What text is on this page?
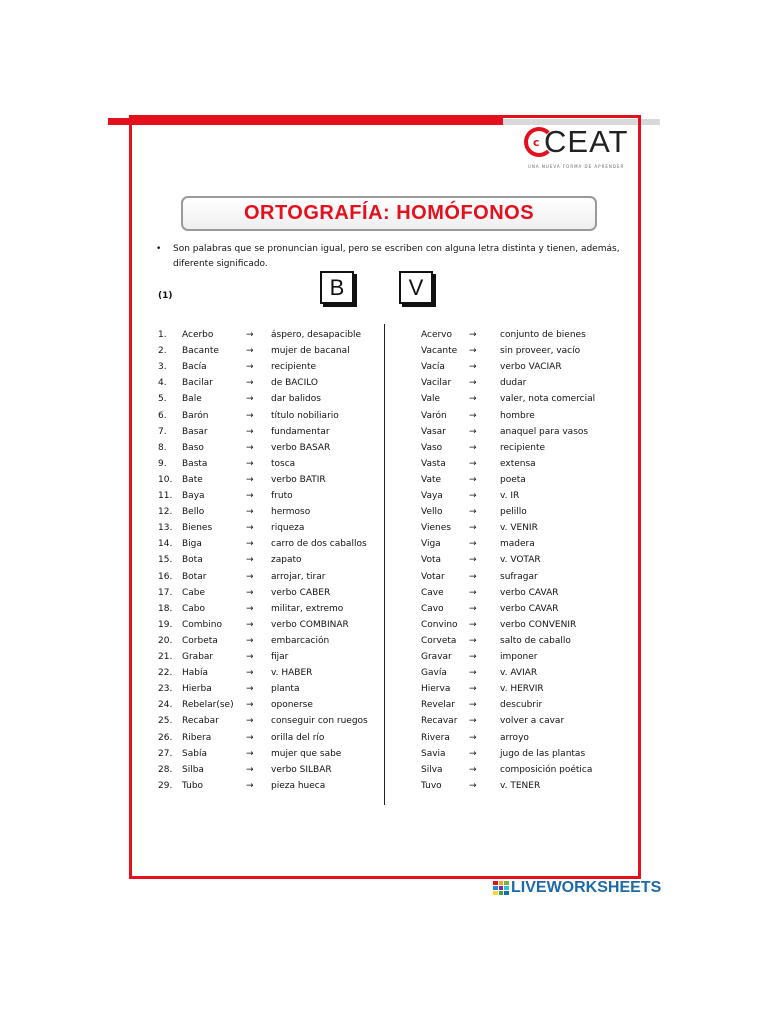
c CEAT
UNA NUEVA FORMA DE APRENDER
ORTOGRAFÍA: HOMÓFONOS
• Son palabras que se pronuncian igual, pero se escriben con alguna letra distinta y tienen, además, diferente significado.
B	V
(1)
1. Acerbo	→ áspero, desapacible	Acervo →	conjunto de bienes
2. Bacante	→ mujer de bacanal	Vacante →	sin proveer, vacío
3. Bacía	→ recipiente	Vacía	→	verbo VACIAR
4. Bacilar	→ de BACILO	Vacilar →	dudar
5. Bale	→ dar balidos	Vale	→	valer, nota comercial
6. Barón	→ título nobiliario	Varón →	hombre
7. Basar	→ fundamentar	Vasar	→	anaquel para vasos
8. Baso	→ verbo BASAR	Vaso	→	recipiente
9. Basta	→ tosca	Vasta	→	extensa
10. Bate	→ verbo BATIR	Vate	→	poeta
11. Baya	→ fruto	Vaya	→	v. IR
12. Bello	→ hermoso	Vello	→	pelillo
13. Bienes	→ riqueza	Vienes →	v. VENIR
14. Biga	→ carro de dos caballos	Viga	→	madera
15. Bota	→ zapato	Vota	→	v. VOTAR
16. Botar	→ arrojar, tirar	Votar	→	sufragar
17. Cabe	→ verbo CABER	Cave	→	verbo CAVAR
18. Cabo	→ militar, extremo	Cavo	→	verbo CAVAR
19. Combino	→ verbo COMBINAR	Convino →	verbo CONVENIR
20. Corbeta	→ embarcación	Corveta →	salto de caballo
21. Grabar	→ fijar	Gravar →	imponer
22. Había	→ v. HABER	Gavía →	v. AVIAR
23. Hierba	→ planta	Hierva →	v. HERVIR
24. Rebelar(se) → oponerse	Revelar →	descubrir
25. Recabar	→ conseguir con ruegos	Recavar →	volver a cavar
26. Ribera	→ orilla del río	Rivera →	arroyo
27. Sabía	→ mujer que sabe	Savia	→	jugo de las plantas
28. Silba	→ verbo SILBAR	Silva	→	composición poética
29. Tubo	→ pieza hueca	Tuvo	→	v. TENER
LIVEWORKSHEETS
